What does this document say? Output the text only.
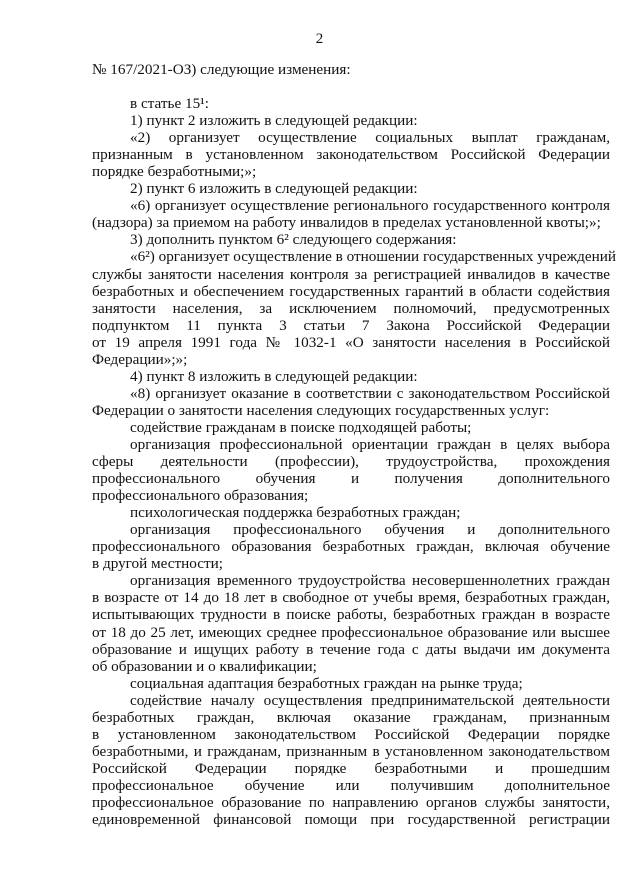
2
№ 167/2021-ОЗ) следующие изменения:
в статье 15¹:
1) пункт 2 изложить в следующей редакции:
«2) организует осуществление социальных выплат гражданам,
признанным в установленном законодательством Российской Федерации
порядке безработными;»;
2) пункт 6 изложить в следующей редакции:
«6) организует осуществление регионального государственного контроля
(надзора) за приемом на работу инвалидов в пределах установленной квоты;»;
3) дополнить пунктом 6² следующего содержания:
«6²) организует осуществление в отношении государственных учреждений
службы занятости населения контроля за регистрацией инвалидов в качестве
безработных и обеспечением государственных гарантий в области содействия
занятости населения, за исключением полномочий, предусмотренных
подпунктом 11 пункта 3 статьи 7 Закона Российской Федерации
от 19 апреля 1991 года № 1032-1 «О занятости населения в Российской
Федерации»;»;
4) пункт 8 изложить в следующей редакции:
«8) организует оказание в соответствии с законодательством Российской
Федерации о занятости населения следующих государственных услуг:
содействие гражданам в поиске подходящей работы;
организация профессиональной ориентации граждан в целях выбора
сферы деятельности (профессии), трудоустройства, прохождения
профессионального обучения и получения дополнительного
профессионального образования;
психологическая поддержка безработных граждан;
организация профессионального обучения и дополнительного
профессионального образования безработных граждан, включая обучение
в другой местности;
организация временного трудоустройства несовершеннолетних граждан
в возрасте от 14 до 18 лет в свободное от учебы время, безработных граждан,
испытывающих трудности в поиске работы, безработных граждан в возрасте
от 18 до 25 лет, имеющих среднее профессиональное образование или высшее
образование и ищущих работу в течение года с даты выдачи им документа
об образовании и о квалификации;
социальная адаптация безработных граждан на рынке труда;
содействие началу осуществления предпринимательской деятельности
безработных граждан, включая оказание гражданам, признанным
в установленном законодательством Российской Федерации порядке
безработными, и гражданам, признанным в установленном законодательством
Российской Федерации порядке безработными и прошедшим
профессиональное обучение или получившим дополнительное
профессиональное образование по направлению органов службы занятости,
единовременной финансовой помощи при государственной регистрации
